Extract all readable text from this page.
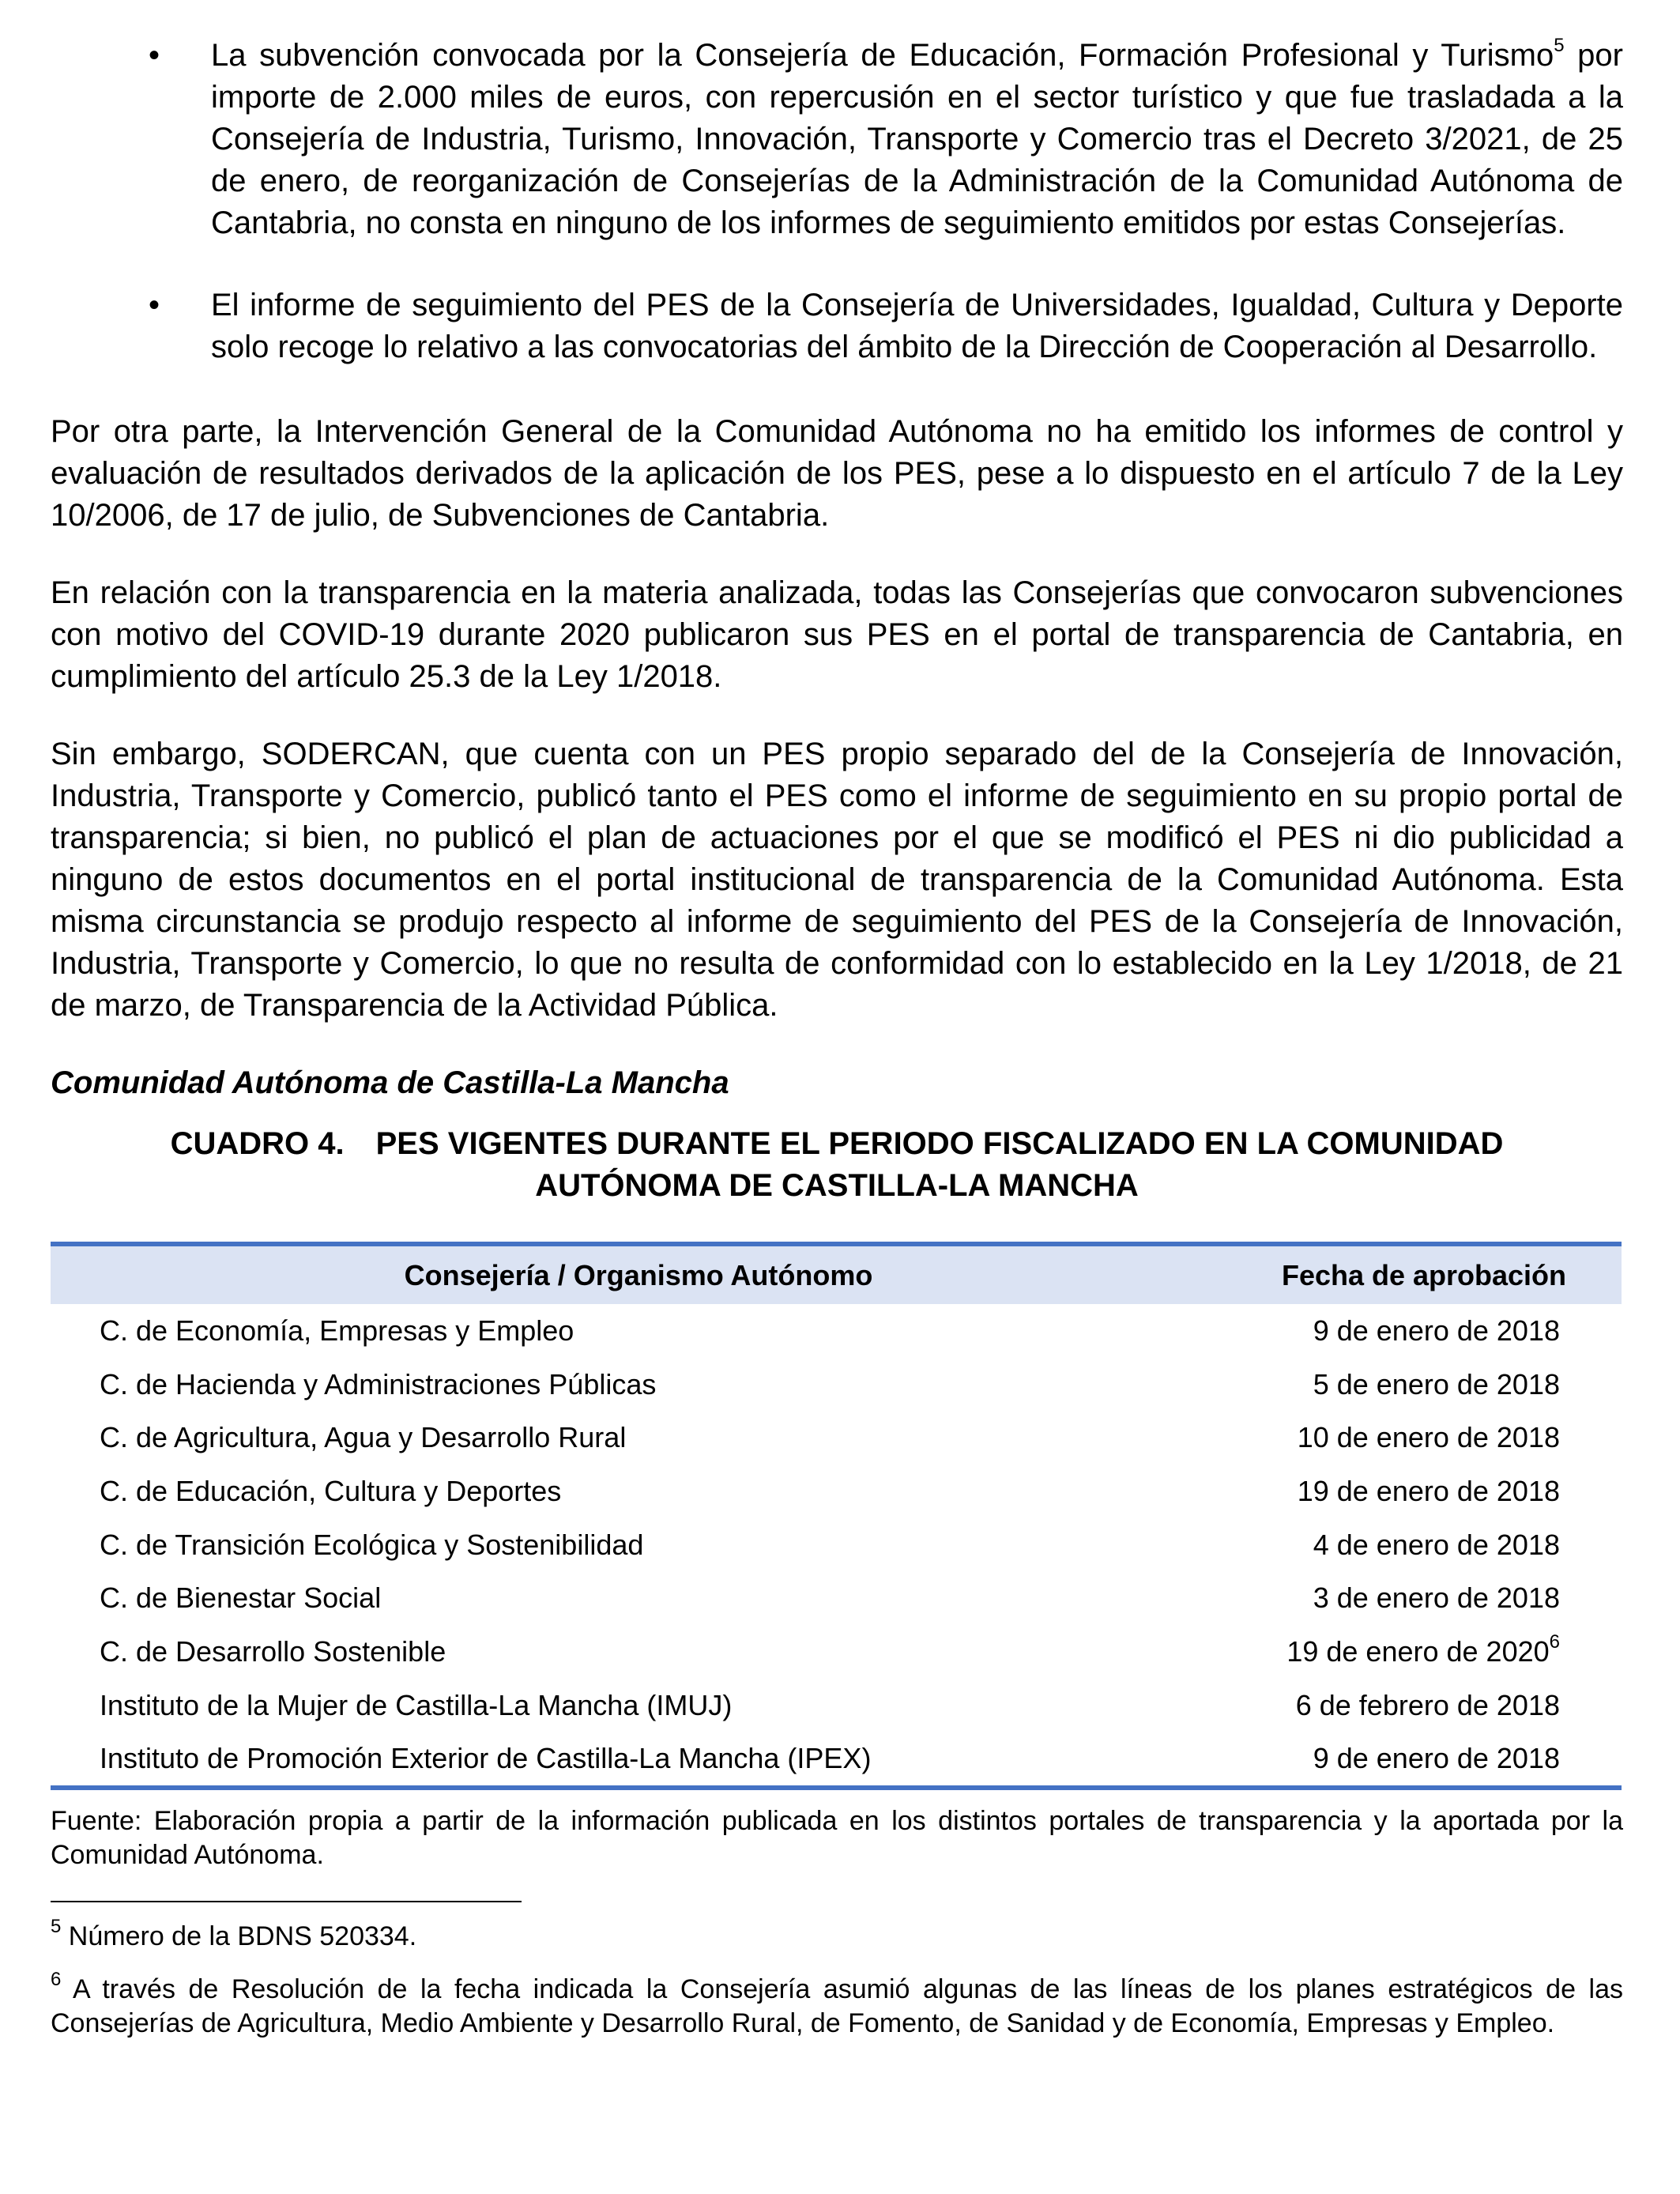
• La subvención convocada por la Consejería de Educación, Formación Profesional y Turismo$^5$ por importe de 2.000 miles de euros, con repercusión en el sector turístico y que fue trasladada a la Consejería de Industria, Turismo, Innovación, Transporte y Comercio tras el Decreto 3/2021, de 25 de enero, de reorganización de Consejerías de la Administración de la Comunidad Autónoma de Cantabria, no consta en ninguno de los informes de seguimiento emitidos por estas Consejerías.

• El informe de seguimiento del PES de la Consejería de Universidades, Igualdad, Cultura y Deporte solo recoge lo relativo a las convocatorias del ámbito de la Dirección de Cooperación al Desarrollo.

Por otra parte, la Intervención General de la Comunidad Autónoma no ha emitido los informes de control y evaluación de resultados derivados de la aplicación de los PES, pese a lo dispuesto en el artículo 7 de la Ley 10/2006, de 17 de julio, de Subvenciones de Cantabria.

En relación con la transparencia en la materia analizada, todas las Consejerías que convocaron subvenciones con motivo del COVID-19 durante 2020 publicaron sus PES en el portal de transparencia de Cantabria, en cumplimiento del artículo 25.3 de la Ley 1/2018.

Sin embargo, SODERCAN, que cuenta con un PES propio separado del de la Consejería de Innovación, Industria, Transporte y Comercio, publicó tanto el PES como el informe de seguimiento en su propio portal de transparencia; si bien, no publicó el plan de actuaciones por el que se modificó el PES ni dio publicidad a ninguno de estos documentos en el portal institucional de transparencia de la Comunidad Autónoma. Esta misma circunstancia se produjo respecto al informe de seguimiento del PES de la Consejería de Innovación, Industria, Transporte y Comercio, lo que no resulta de conformidad con lo establecido en la Ley 1/2018, de 21 de marzo, de Transparencia de la Actividad Pública.

Comunidad Autónoma de Castilla-La Mancha
CUADRO 4. PES VIGENTES DURANTE EL PERIODO FISCALIZADO EN LA COMUNIDAD AUTÓNOMA DE CASTILLA-LA MANCHA
Consejería / Organismo Autónomo	Fecha de aprobación
C. de Economía, Empresas y Empleo	9 de enero de 2018
C. de Hacienda y Administraciones Públicas	5 de enero de 2018
C. de Agricultura, Agua y Desarrollo Rural	10 de enero de 2018
C. de Educación, Cultura y Deportes	19 de enero de 2018
C. de Transición Ecológica y Sostenibilidad	4 de enero de 2018
C. de Bienestar Social	3 de enero de 2018
C. de Desarrollo Sostenible	19 de enero de 2020$^6$
Instituto de la Mujer de Castilla-La Mancha (IMUJ)	6 de febrero de 2018
Instituto de Promoción Exterior de Castilla-La Mancha (IPEX)	9 de enero de 2018

Fuente: Elaboración propia a partir de la información publicada en los distintos portales de transparencia y la aportada por la Comunidad Autónoma.

$^5$ Número de la BDNS 520334.

$^6$ A través de Resolución de la fecha indicada la Consejería asumió algunas de las líneas de los planes estratégicos de las Consejerías de Agricultura, Medio Ambiente y Desarrollo Rural, de Fomento, de Sanidad y de Economía, Empresas y Empleo.
